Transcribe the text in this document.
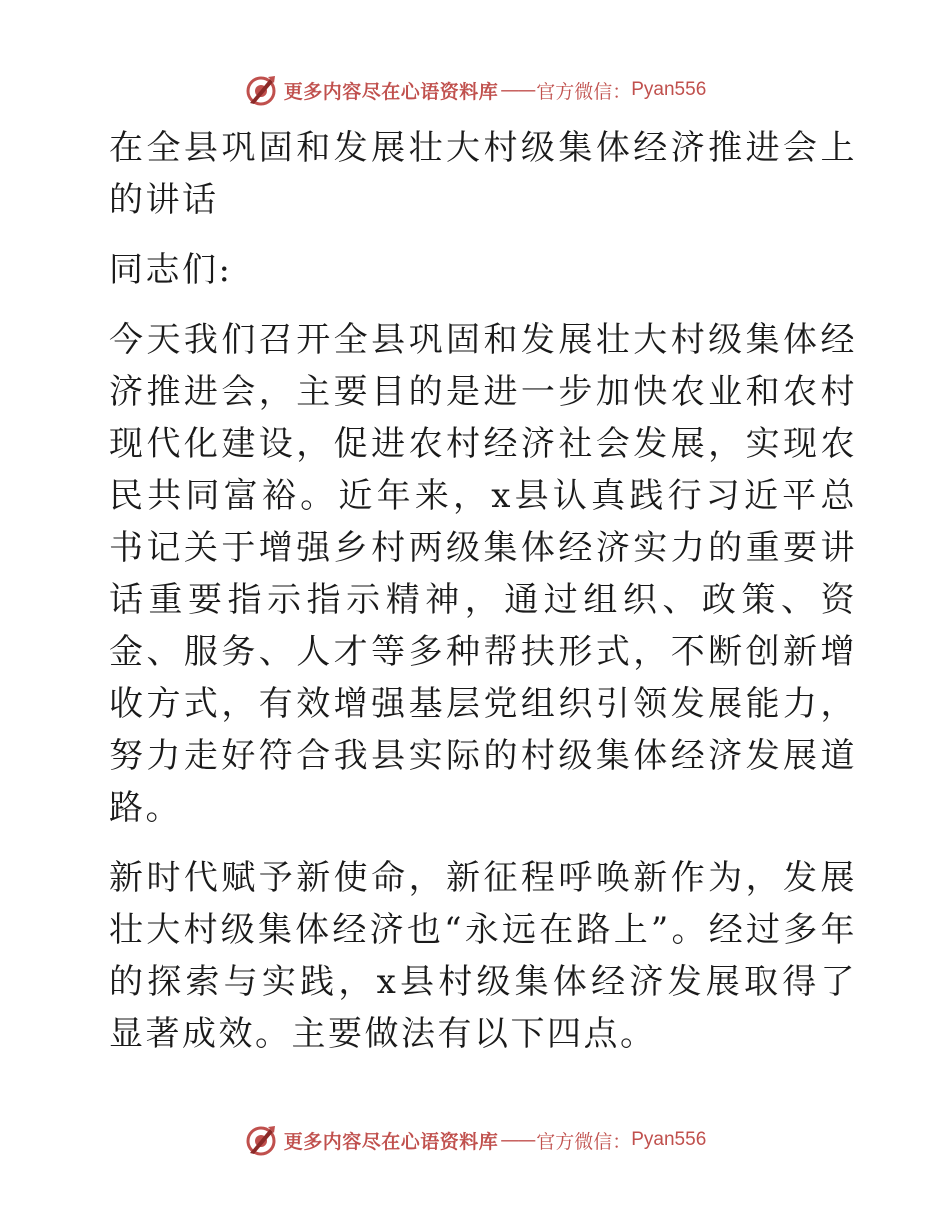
更多内容尽在心语资料库 —— 官方微信： Pyan556

在全县巩固和发展壮大村级集体经济推进会上的讲话

同志们:

今天我们召开全县巩固和发展壮大村级集体经济推进会，主要目的是进一步加快农业和农村现代化建设，促进农村经济社会发展，实现农民共同富裕。近年来，x县认真践行习近平总书记关于增强乡村两级集体经济实力的重要讲话重要指示指示精神，通过组织、政策、资金、服务、人才等多种帮扶形式，不断创新增收方式，有效增强基层党组织引领发展能力，努力走好符合我县实际的村级集体经济发展道路。

新时代赋予新使命，新征程呼唤新作为，发展壮大村级集体经济也“永远在路上”。经过多年的探索与实践，x县村级集体经济发展取得了显著成效。主要做法有以下四点。

更多内容尽在心语资料库 —— 官方微信： Pyan556
